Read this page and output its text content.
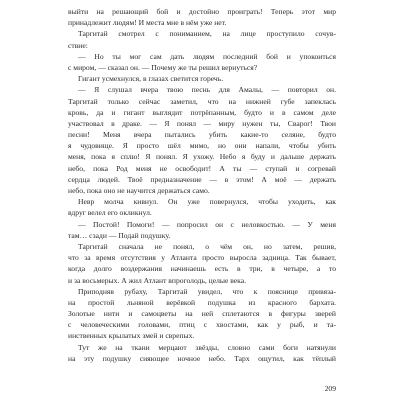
выйти на решающий бой и достойно проиграть! Теперь этот мир
принадлежит людям! И места мне в нём уже нет.
Таргитай смотрел с пониманием, на лице проступило сочув-
ствие:
— Но ты мог сам дать людям последний бой и упокоиться
с миром, — сказал он. — Почему же ты решил вернуться?
Гигант усмехнулся, в глазах светится горечь.
— Я слушал вчера твою песнь для Амалы, — повторил он.
Таргитай только сейчас заметил, что на нижней губе запеклась
кровь, да и гигант выглядит потрёпанным, будто и в самом деле
участвовал в драке. — Я понял — миру нужен ты, Сварог! Твои
песни! Меня вчера пытались убить какие-то селяне, будто
я чудовище. Я просто шёл мимо, но они напали, чтобы убить
меня, пока я сплю! Я понял. Я ухожу. Небо я буду и дальше держать
небо, пока Род меня не освободит! А ты — ступай и согревай
сердца людей. Твоё предназначение — в этом! А моё — держать
небо, пока оно не научится держаться само.
Невр молча кивнул. Он уже повернулся, чтобы уходить, как
вдруг велел его окликнул.
— Постой! Помоги! — попросил он с неловкостью. — У меня
там… сзади — Подай подушку.
Таргитай сначала не понял, о чём он, но затем, решив,
что за время отсутствия у Атланта просто выросла задница. Так бывает,
когда долго воздержания начинаешь есть в три, в четыре, а то
и за восьмерых. А жил Атлант впроголодь, целые века.
Приподняв рубаху, Таргитай увидел, что к пояснице привяза-
на простой льняной верёвкой подушка из красного бархата.
Золотые нити и самоцветы на ней сплетаются в фигуры зверей
с человеческими головами, птиц с хвостами, как у рыб, и та-
инственных крылатых змей и сврепых.
Тут же на ткани мерцают звёзды, словно сами боги натянули
на эту подушку сияющее ночное небо. Тарх ощутил, как тёплый
209
